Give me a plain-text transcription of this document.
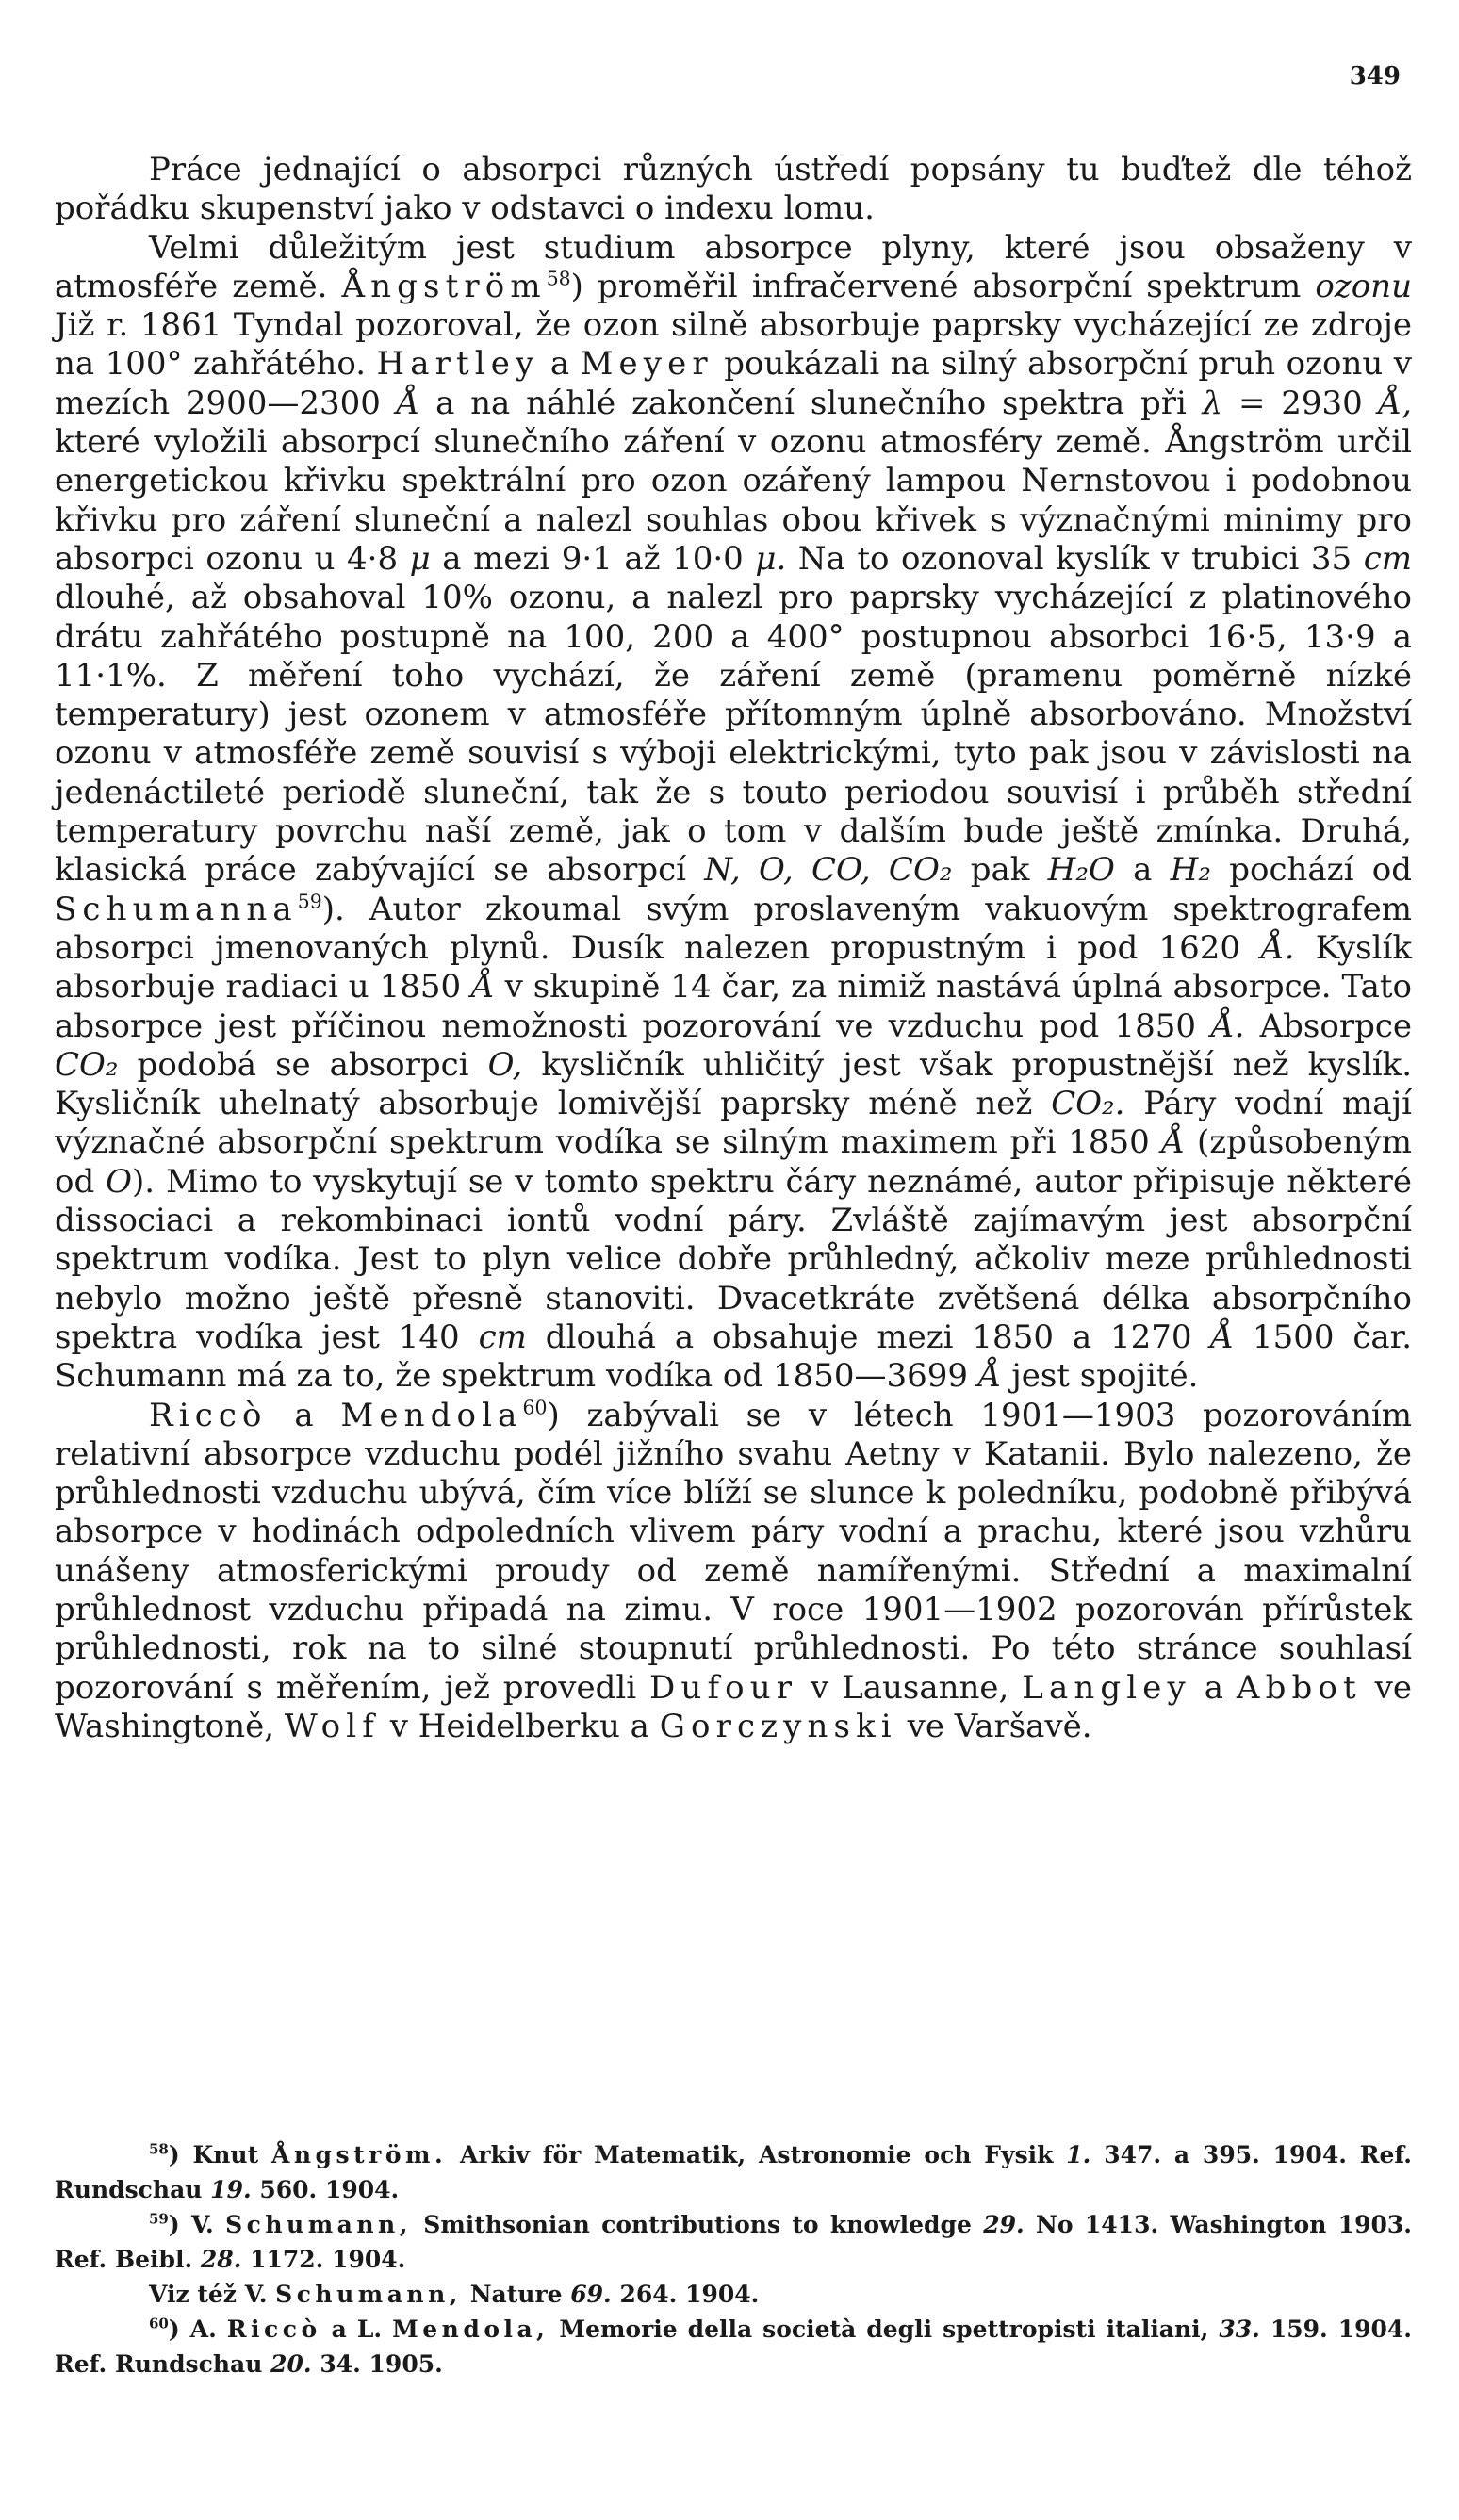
349

Práce jednající o absorpci různých ústředí popsány tu buďtež dle téhož pořádku skupenství jako v odstavci o indexu lomu.

Velmi důležitým jest studium absorpce plyny, které jsou obsaženy v atmosféře země. Ångström$^{58}$) proměřil infračervené absorpční spektrum ozonu Již r. 1861 Tyndal pozoroval, že ozon silně absorbuje paprsky vycházející ze zdroje na 100° zahřátého. Hartley a Meyer poukázali na silný absorpční pruh ozonu v mezích 2900—2300 Å a na náhlé zakončení slunečního spektra při λ = 2930 Å, které vyložili absorpcí slunečního záření v ozonu atmosféry země. Ångström určil energetickou křivku spektrální pro ozon ozářený lampou Nernstovou i podobnou křivku pro záření sluneční a nalezl souhlas obou křivek s význačnými minimy pro absorpci ozonu u 4·8 μ a mezi 9·1 až 10·0 μ. Na to ozonoval kyslík v trubici 35 cm dlouhé, až obsahoval 10% ozonu, a nalezl pro paprsky vycházející z platinového drátu zahřátého postupně na 100, 200 a 400° postupnou absorbci 16·5, 13·9 a 11·1%. Z měření toho vychází, že záření země (pramenu poměrně nízké temperatury) jest ozonem v atmosféře přítomným úplně absorbováno. Množství ozonu v atmosféře země souvisí s výboji elektrickými, tyto pak jsou v závislosti na jedenáctileté periodě sluneční, tak že s touto periodou souvisí i průběh střední temperatury povrchu naší země, jak o tom v dalším bude ještě zmínka. Druhá, klasická práce zabývající se absorpcí N, O, CO, CO₂ pak H₂O a H₂ pochází od Schumanna$^{59}$). Autor zkoumal svým proslaveným vakuovým spektrografem absorpci jmenovaných plynů. Dusík nalezen propustným i pod 1620 Å. Kyslík absorbuje radiaci u 1850 Å v skupině 14 čar, za nimiž nastává úplná absorpce. Tato absorpce jest příčinou nemožnosti pozorování ve vzduchu pod 1850 Å. Absorpce CO₂ podobá se absorpci O, kysličník uhličitý jest však propustnější než kyslík. Kysličník uhelnatý absorbuje lomivější paprsky méně než CO₂. Páry vodní mají význačné absorpční spektrum vodíka se silným maximem při 1850 Å (způsobeným od O). Mimo to vyskytují se v tomto spektru čáry neznámé, autor připisuje některé dissociaci a rekombinaci iontů vodní páry. Zvláště zajímavým jest absorpční spektrum vodíka. Jest to plyn velice dobře průhledný, ačkoliv meze průhlednosti nebylo možno ještě přesně stanoviti. Dvacetkráte zvětšená délka absorpčního spektra vodíka jest 140 cm dlouhá a obsahuje mezi 1850 a 1270 Å 1500 čar. Schumann má za to, že spektrum vodíka od 1850—3699 Å jest spojité.

Riccò a Mendola$^{60}$) zabývali se v létech 1901—1903 pozorováním relativní absorpce vzduchu podél jižního svahu Aetny v Katanii. Bylo nalezeno, že průhlednosti vzduchu ubývá, čím více blíží se slunce k poledníku, podobně přibývá absorpce v hodinách odpoledních vlivem páry vodní a prachu, které jsou vzhůru unášeny atmosferickými proudy od země namířenými. Střední a maximalní průhlednost vzduchu připadá na zimu. V roce 1901—1902 pozorován přírůstek průhlednosti, rok na to silné stoupnutí průhlednosti. Po této stránce souhlasí pozorování s měřením, jež provedli Dufour v Lausanne, Langley a Abbot ve Washingtoně, Wolf v Heidelberku a Gorczynski ve Varšavě.

$^{58}$) Knut Ångström. Arkiv för Matematik, Astronomie och Fysik 1. 347. a 395. 1904. Ref. Rundschau 19. 560. 1904.

$^{59}$) V. Schumann, Smithsonian contributions to knowledge 29. No 1413. Washington 1903. Ref. Beibl. 28. 1172. 1904.

Viz též V. Schumann, Nature 69. 264. 1904.

$^{60}$) A. Riccò a L. Mendola, Memorie della società degli spettropisti italiani, 33. 159. 1904. Ref. Rundschau 20. 34. 1905.
